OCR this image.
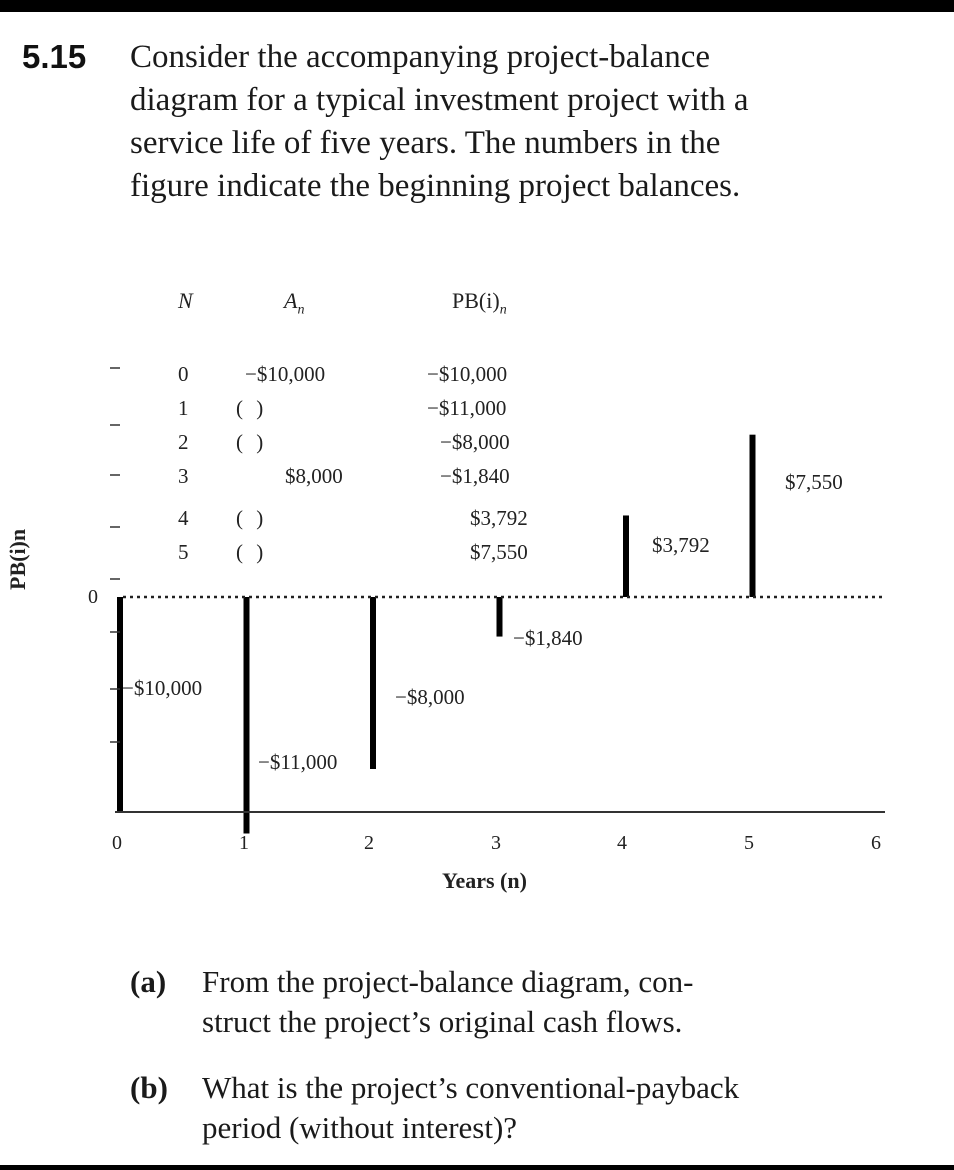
5.15 Consider the accompanying project-balance
diagram for a typical investment project with a
service life of five years. The numbers in the
figure indicate the beginning project balances.
N	$A_n$	$PB(i)_n$
0	−$10,000	−$10,000
1 ( )	−$11,000
2 ( )	−$8,000
3	$8,000	−$1,840
4 ( )	$3,792
5 ( )	$7,550
PB(i)n
0
0	1	2	3	4	5	6
Years (n)
−$10,000
−$11,000
−$8,000
−$1,840
$3,792
$7,550
(a) From the project-balance diagram, con-
struct the project’s original cash flows.
(b) What is the project’s conventional-payback
period (without interest)?
